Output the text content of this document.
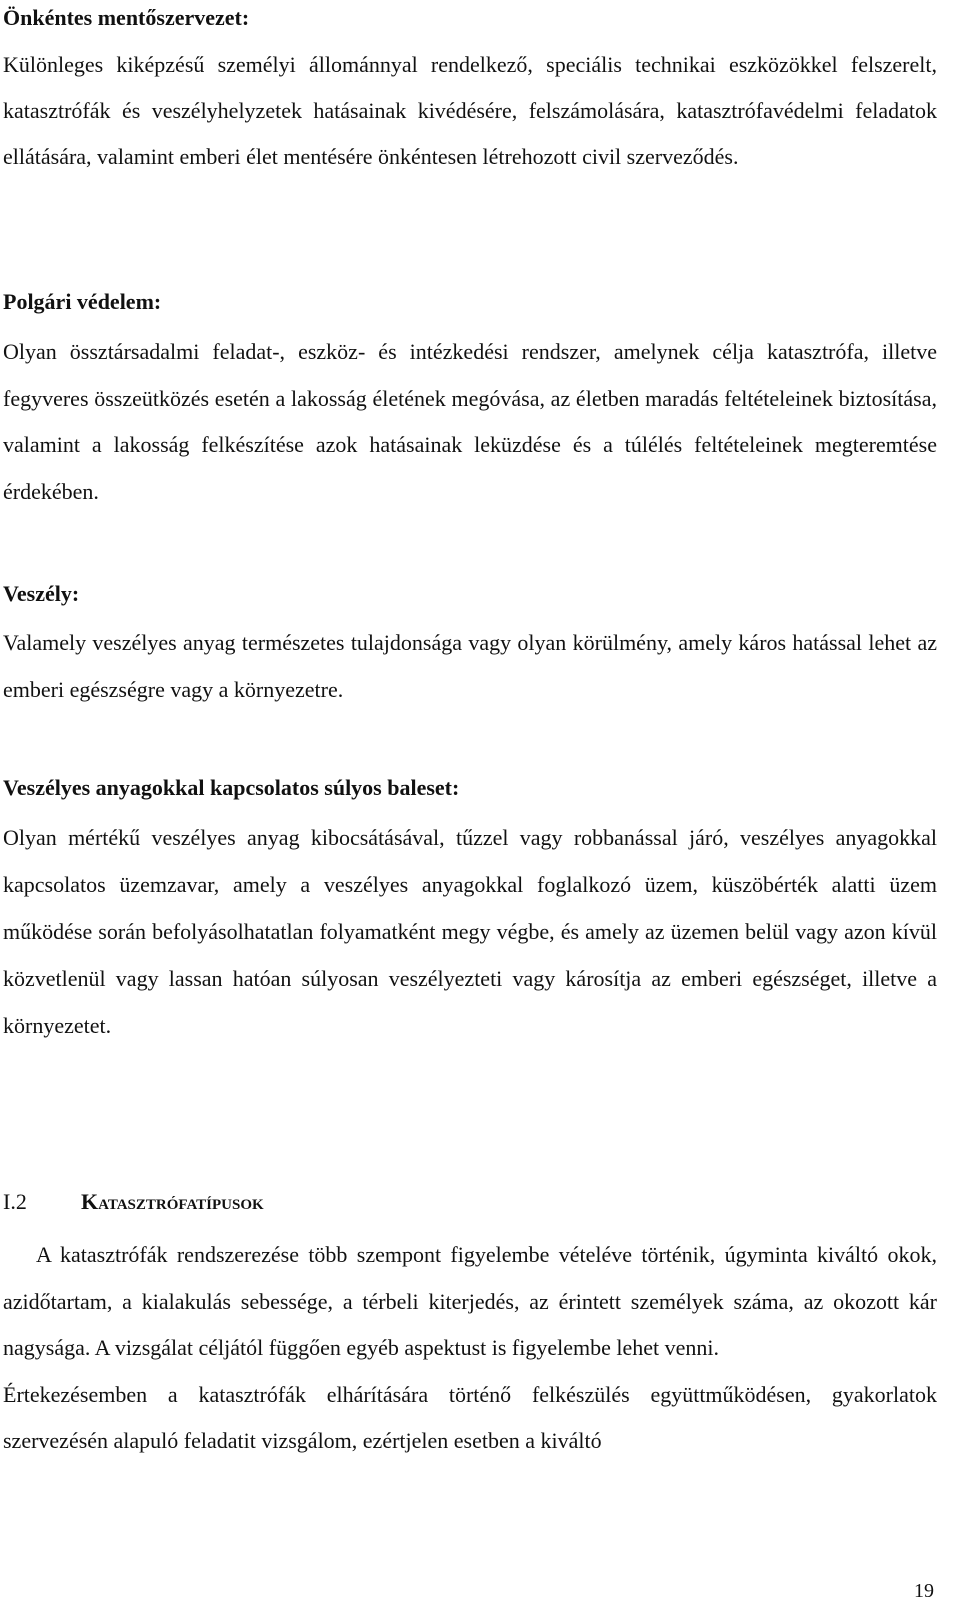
Önkéntes mentőszervezet:

Különleges kiképzésű személyi állománnyal rendelkező, speciális technikai eszközökkel felszerelt, katasztrófák és veszélyhelyzetek hatásainak kivédésére, felszámolására, katasztrófavédelmi feladatok ellátására, valamint emberi élet mentésére önkéntesen létrehozott civil szerveződés.

Polgári védelem:

Olyan össztársadalmi feladat-, eszköz- és intézkedési rendszer, amelynek célja katasztrófa, illetve fegyveres összeütközés esetén a lakosság életének megóvása, az életben maradás feltételeinek biztosítása, valamint a lakosság felkészítése azok hatásainak leküzdése és a túlélés feltételeinek megteremtése érdekében.

Veszély:

Valamely veszélyes anyag természetes tulajdonsága vagy olyan körülmény, amely káros hatással lehet az emberi egészségre vagy a környezetre.

Veszélyes anyagokkal kapcsolatos súlyos baleset:

Olyan mértékű veszélyes anyag kibocsátásával, tűzzel vagy robbanással járó, veszélyes anyagokkal kapcsolatos üzemzavar, amely a veszélyes anyagokkal foglalkozó üzem, küszöbérték alatti üzem működése során befolyásolhatatlan folyamatként megy végbe, és amely az üzemen belül vagy azon kívül közvetlenül vagy lassan hatóan súlyosan veszélyezteti vagy károsítja az emberi egészséget, illetve a környezetet.

I.2 Katasztrófatípusok

A katasztrófák rendszerezése több szempont figyelembe vételéve történik, úgyminta kiváltó okok, azidőtartam, a kialakulás sebessége, a térbeli kiterjedés, az érintett személyek száma, az okozott kár nagysága. A vizsgálat céljától függően egyéb aspektust is figyelembe lehet venni.

Értekezésemben a katasztrófák elhárítására történő felkészülés együttműködésen, gyakorlatok szervezésén alapuló feladatit vizsgálom, ezértjelen esetben a kiváltó

19
